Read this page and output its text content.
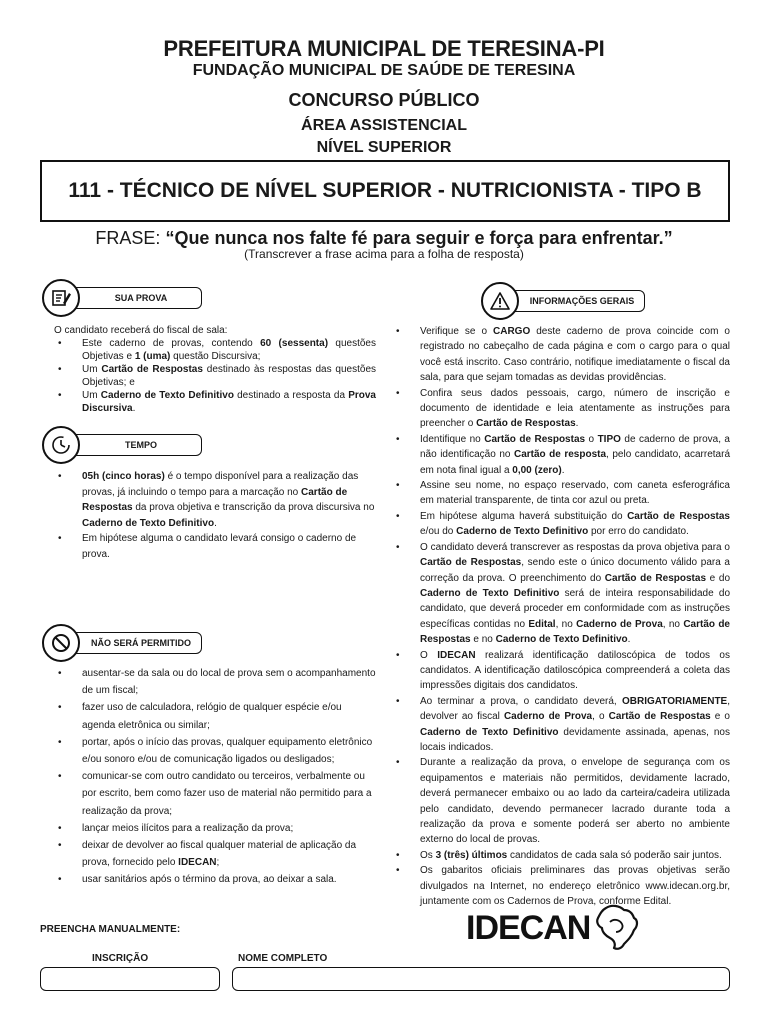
PREFEITURA MUNICIPAL DE TERESINA-PI
FUNDAÇÃO MUNICIPAL DE SAÚDE DE TERESINA
CONCURSO PÚBLICO
ÁREA ASSISTENCIAL
NÍVEL SUPERIOR
111 - TÉCNICO DE NÍVEL SUPERIOR - NUTRICIONISTA - TIPO B
FRASE: “Que nunca nos falte fé para seguir e força para enfrentar.”
(Transcrever a frase acima para a folha de resposta)
SUA PROVA

O candidato receberá do fiscal de sala:

• Este caderno de provas, contendo 60 (sessenta) questões Objetivas e 1 (uma) questão Discursiva;
• Um Cartão de Respostas destinado às respostas das questões Objetivas; e
• Um Caderno de Texto Definitivo destinado a resposta da Prova Discursiva.
TEMPO
• 05h (cinco horas) é o tempo disponível para a realização das provas, já incluindo o tempo para a marcação no Cartão de Respostas da prova objetiva e transcrição da prova discursiva no Caderno de Texto Definitivo.
• Em hipótese alguma o candidato levará consigo o caderno de prova.
NÃO SERÁ PERMITIDO
• ausentar-se da sala ou do local de prova sem o acompanhamento de um fiscal;
• fazer uso de calculadora, relógio de qualquer espécie e/ou agenda eletrônica ou similar;
• portar, após o início das provas, qualquer equipamento eletrônico e/ou sonoro e/ou de comunicação ligados ou desligados;
• comunicar-se com outro candidato ou terceiros, verbalmente ou por escrito, bem como fazer uso de material não permitido para a realização da prova;
• lançar meios ilícitos para a realização da prova;
• deixar de devolver ao fiscal qualquer material de aplicação da prova, fornecido pelo IDECAN;
• usar sanitários após o término da prova, ao deixar a sala.
INFORMAÇÕES GERAIS
• Verifique se o CARGO deste caderno de prova coincide com o registrado no cabeçalho de cada página e com o cargo para o qual você está inscrito. Caso contrário, notifique imediatamente o fiscal da sala, para que sejam tomadas as devidas providências.
• Confira seus dados pessoais, cargo, número de inscrição e documento de identidade e leia atentamente as instruções para preencher o Cartão de Respostas.
• Identifique no Cartão de Respostas o TIPO de caderno de prova, a não identificação no Cartão de resposta, pelo candidato, acarretará em nota final igual a 0,00 (zero).
• Assine seu nome, no espaço reservado, com caneta esferográfica em material transparente, de tinta cor azul ou preta.
• Em hipótese alguma haverá substituição do Cartão de Respostas e/ou do Caderno de Texto Definitivo por erro do candidato.
• O candidato deverá transcrever as respostas da prova objetiva para o Cartão de Respostas, sendo este o único documento válido para a correção da prova. O preenchimento do Cartão de Respostas e do Caderno de Texto Definitivo será de inteira responsabilidade do candidato, que deverá proceder em conformidade com as instruções específicas contidas no Edital, no Caderno de Prova, no Cartão de Respostas e no Caderno de Texto Definitivo.
• O IDECAN realizará identificação datiloscópica de todos os candidatos. A identificação datiloscópica compreenderá a coleta das impressões digitais dos candidatos.
• Ao terminar a prova, o candidato deverá, OBRIGATORIAMENTE, devolver ao fiscal Caderno de Prova, o Cartão de Respostas e o Caderno de Texto Definitivo devidamente assinada, apenas, nos locais indicados.
• Durante a realização da prova, o envelope de segurança com os equipamentos e materiais não permitidos, devidamente lacrado, deverá permanecer embaixo ou ao lado da carteira/cadeira utilizada pelo candidato, devendo permanecer lacrado durante toda a realização da prova e somente poderá ser aberto no ambiente externo do local de provas.
• Os 3 (três) últimos candidatos de cada sala só poderão sair juntos.
• Os gabaritos oficiais preliminares das provas objetivas serão divulgados na Internet, no endereço eletrônico www.idecan.org.br, juntamente com os Cadernos de Prova, conforme Edital.
PREENCHA MANUALMENTE:	IDECAN
INSCRIÇÃO	NOME COMPLETO
